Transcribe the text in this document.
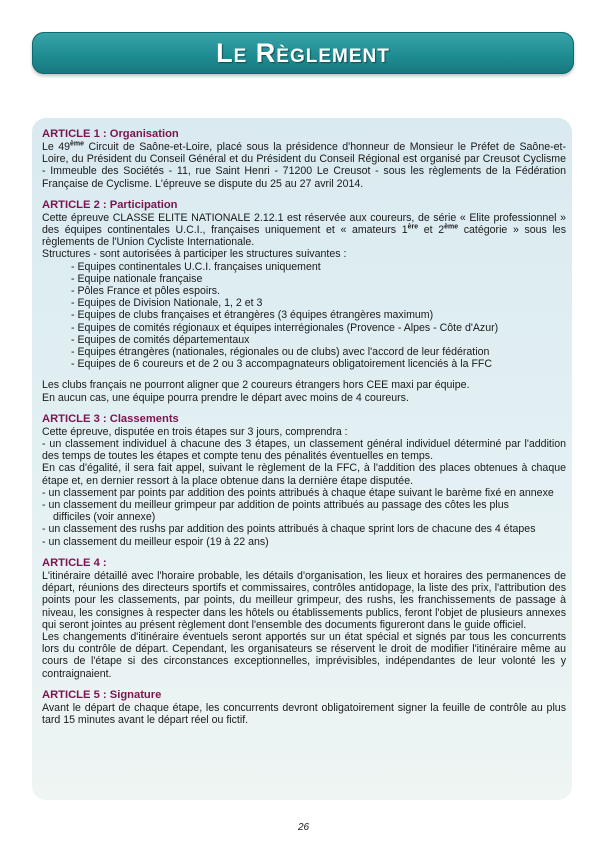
Le Règlement
ARTICLE 1 : Organisation

Le 49ème Circuit de Saône-et-Loire, placé sous la présidence d'honneur de Monsieur le Préfet de Saône-et-Loire, du Président du Conseil Général et du Président du Conseil Régional est organisé par Creusot Cyclisme - Immeuble des Sociétés - 11, rue Saint Henri - 71200 Le Creusot - sous les règlements de la Fédération Française de Cyclisme. L'épreuve se dispute du 25 au 27 avril 2014.

ARTICLE 2 : Participation

Cette épreuve CLASSE ELITE NATIONALE 2.12.1 est réservée aux coureurs, de série « Elite professionnel » des équipes continentales U.C.I., françaises uniquement et « amateurs 1ère et 2ème catégorie » sous les règlements de l'Union Cycliste Internationale.

Structures - sont autorisées à participer les structures suivantes :

- Equipes continentales U.C.I. françaises uniquement
- Equipe nationale française
- Pôles France et pôles espoirs.
- Equipes de Division Nationale, 1, 2 et 3
- Equipes de clubs françaises et étrangères (3 équipes étrangères maximum)
- Equipes de comités régionaux et équipes interrégionales (Provence - Alpes - Côte d'Azur)
- Equipes de comités départementaux
- Equipes étrangères (nationales, régionales ou de clubs) avec l'accord de leur fédération
- Equipes de 6 coureurs et de 2 ou 3 accompagnateurs obligatoirement licenciés à la FFC

Les clubs français ne pourront aligner que 2 coureurs étrangers hors CEE maxi par équipe.

En aucun cas, une équipe pourra prendre le départ avec moins de 4 coureurs.

ARTICLE 3 : Classements

Cette épreuve, disputée en trois étapes sur 3 jours, comprendra :

- un classement individuel à chacune des 3 étapes, un classement général individuel déterminé par l'addition des temps de toutes les étapes et compte tenu des pénalités éventuelles en temps.

En cas d'égalité, il sera fait appel, suivant le règlement de la FFC, à l'addition des places obtenues à chaque étape et, en dernier ressort à la place obtenue dans la dernière étape disputée.

- un classement par points par addition des points attribués à chaque étape suivant le barème fixé en annexe

- un classement du meilleur grimpeur par addition de points attribués au passage des côtes les plus

difficiles (voir annexe)

- un classement des rushs par addition des points attribués à chaque sprint lors de chacune des 4 étapes

- un classement du meilleur espoir (19 à 22 ans)

ARTICLE 4 :

L'itinéraire détaillé avec l'horaire probable, les détails d'organisation, les lieux et horaires des permanences de départ, réunions des directeurs sportifs et commissaires, contrôles antidopage, la liste des prix, l'attribution des points pour les classements, par points, du meilleur grimpeur, des rushs, les franchissements de passage à niveau, les consignes à respecter dans les hôtels ou établissements publics, feront l'objet de plusieurs annexes qui seront jointes au présent règlement dont l'ensemble des documents figureront dans le guide officiel.

Les changements d'itinéraire éventuels seront apportés sur un état spécial et signés par tous les concurrents lors du contrôle de départ. Cependant, les organisateurs se réservent le droit de modifier l'itinéraire même au cours de l'étape si des circonstances exceptionnelles, imprévisibles, indépendantes de leur volonté les y contraignaient.

ARTICLE 5 : Signature

Avant le départ de chaque étape, les concurrents devront obligatoirement signer la feuille de contrôle au plus tard 15 minutes avant le départ réel ou fictif.

26
